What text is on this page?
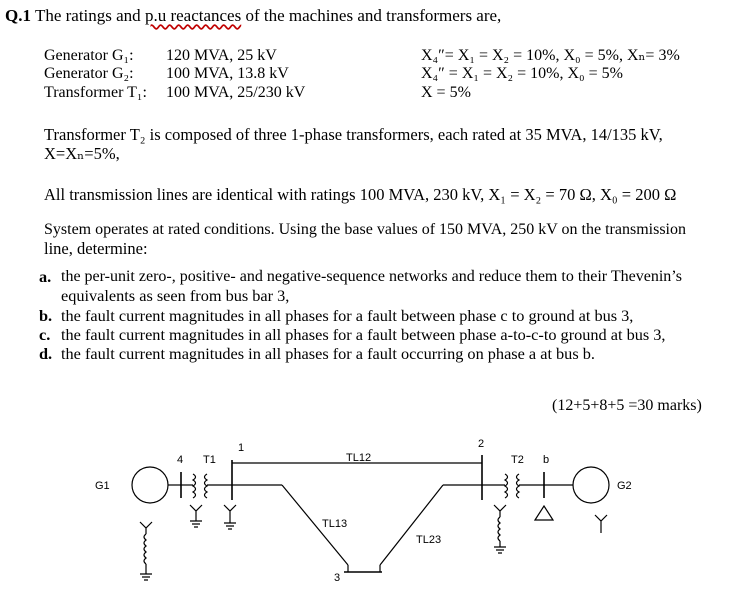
Q.1 The ratings and p.u reactances of the machines and transformers are,
Generator G₁: 120 MVA, 25 kV	X₄″= X₁ = X₂ = 10%, X₀ = 5%, Xₙ= 3%
Generator G₂: 100 MVA, 13.8 kV	X₄″ = X₁ = X₂ = 10%, X₀ = 5%
Transformer T₁: 100 MVA, 25/230 kV	X = 5%
Transformer T₂ is composed of three 1-phase transformers, each rated at 35 MVA, 14/135 kV,
X=Xₙ=5%,
All transmission lines are identical with ratings 100 MVA, 230 kV, X₁ = X₂ = 70 Ω, X₀ = 200 Ω
System operates at rated conditions. Using the base values of 150 MVA, 250 kV on the transmission
line, determine:
a. the per-unit zero-, positive- and negative-sequence networks and reduce them to their Thevenin’s
equivalents as seen from bus bar 3,
b. the fault current magnitudes in all phases for a fault between phase c to ground at bus 3,
c. the fault current magnitudes in all phases for a fault between phase a-to-c-to ground at bus 3,
d. the fault current magnitudes in all phases for a fault occurring on phase a at bus b.
(12+5+8+5 =30 marks)
G1
4 T1
1
TL12
2
TL13
TL23
3
T2 b
G2
